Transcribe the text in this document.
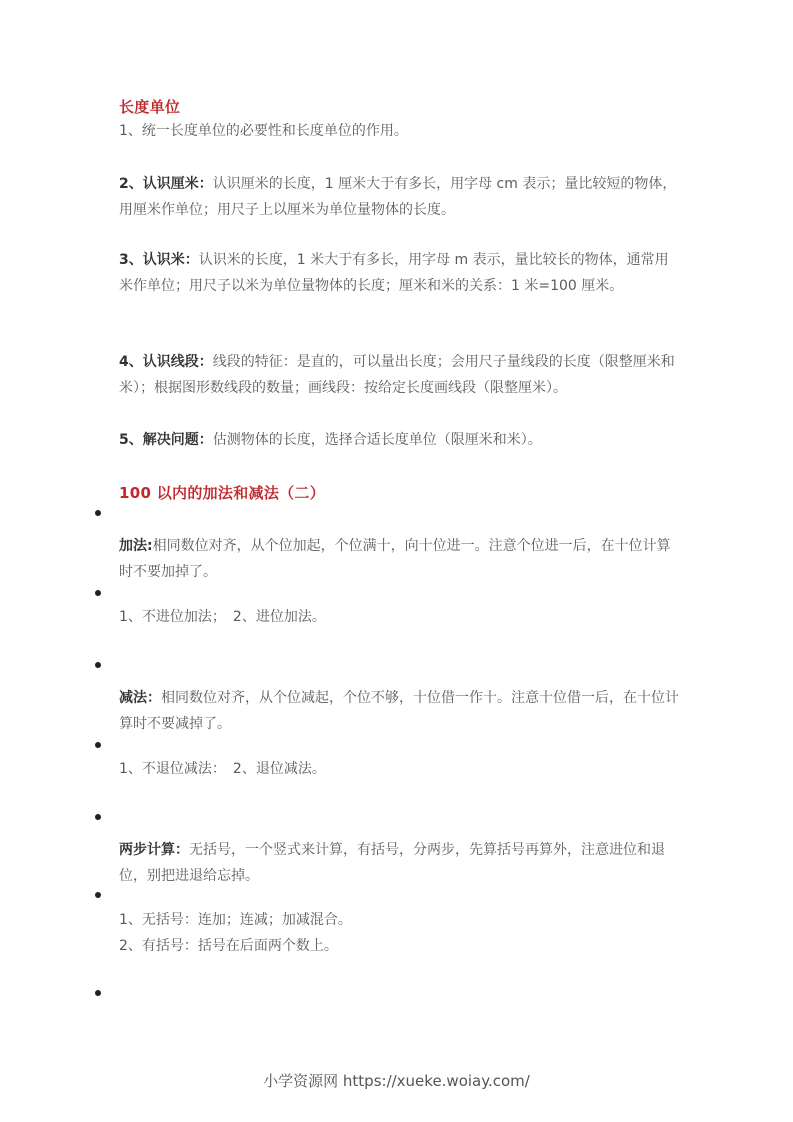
长度单位
1、统一长度单位的必要性和长度单位的作用。
2、认识厘米：认识厘米的长度，1 厘米大于有多长，用字母 cm 表示；量比较短的物体，用厘米作单位；用尺子上以厘米为单位量物体的长度。
3、认识米：认识米的长度，1 米大于有多长，用字母 m 表示，量比较长的物体，通常用米作单位；用尺子以米为单位量物体的长度；厘米和米的关系：1 米=100 厘米。
4、认识线段：线段的特征：是直的，可以量出长度；会用尺子量线段的长度（限整厘米和米）；根据图形数线段的数量；画线段：按给定长度画线段（限整厘米）。
5、解决问题：估测物体的长度，选择合适长度单位（限厘米和米）。
100 以内的加法和减法（二）
加法:相同数位对齐，从个位加起，个位满十，向十位进一。注意个位进一后，在十位计算时不要加掉了。
1、不进位加法；　2、进位加法。
减法：相同数位对齐，从个位减起，个位不够，十位借一作十。注意十位借一后，在十位计算时不要减掉了。
1、不退位减法：　2、退位减法。
两步计算：无括号，一个竖式来计算，有括号，分两步，先算括号再算外，注意进位和退位，别把进退给忘掉。
1、无括号：连加；连减；加减混合。
2、有括号：括号在后面两个数上。
小学资源网 https://xueke.woiay.com/
